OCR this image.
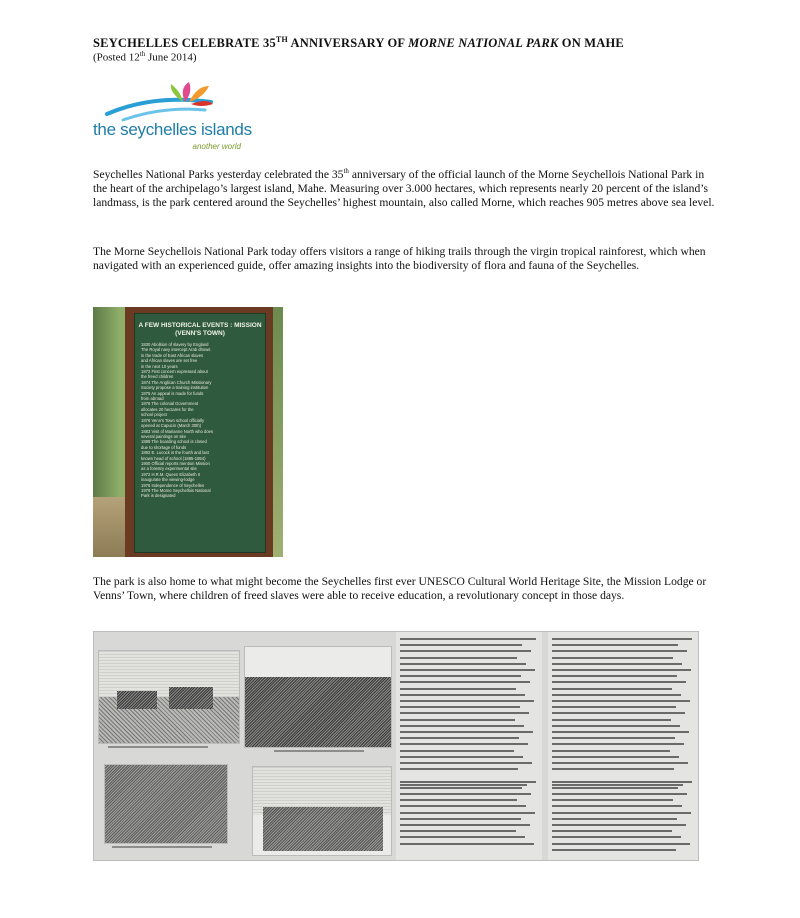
SEYCHELLES CELEBRATE 35TH ANNIVERSARY OF MORNE NATIONAL PARK ON MAHE
(Posted 12th June 2014)
the seychelles islands
another world
Seychelles National Parks yesterday celebrated the 35th anniversary of the official launch of the Morne Seychellois National Park in the heart of the archipelago’s largest island, Mahe. Measuring over 3.000 hectares, which represents nearly 20 percent of the island’s landmass, is the park centered around the Seychelles’ highest mountain, also called Morne, which reaches 905 metres above sea level.
The Morne Seychellois National Park today offers visitors a range of hiking trails through the virgin tropical rainforest, which when navigated with an experienced guide, offer amazing insights into the biodiversity of flora and fauna of the Seychelles.
A FEW HISTORICAL EVENTS : MISSION (VENN'S TOWN)
1830 Abolition of slavery by England
The Royal navy intercept Arab dhows
in the trade of East African slaves
and African slaves are set free
in the next 10 years
1872 First concern expressed about
the freed children
1874 The Anglican Church Missionary
Society propose a training institution
1875 An appeal is made for funds
from abroad
1876 The colonial Government
allocates 20 hectares for the
school project
1876 Venn's Town school officially
opened at Capucin (March 30th)
1883 Visit of Marianne North who does
several paintings on site
1889 The boarding school is closed
due to shortage of funds
1892 E. Lucock is the fourth and last
known head of school (1885-1894)
1900 Official reports mention Mission
as a forestry experimental site
1972 H.R.M. Queen Elizabeth II
inaugurate the viewing-lodge
1976 Independence of Seychelles
1979 The Morne Seychellois National
Park is designated
The park is also home to what might become the Seychelles first ever UNESCO Cultural World Heritage Site, the Mission Lodge or Venns’ Town, where children of freed slaves were able to receive education, a revolutionary concept in those days.
